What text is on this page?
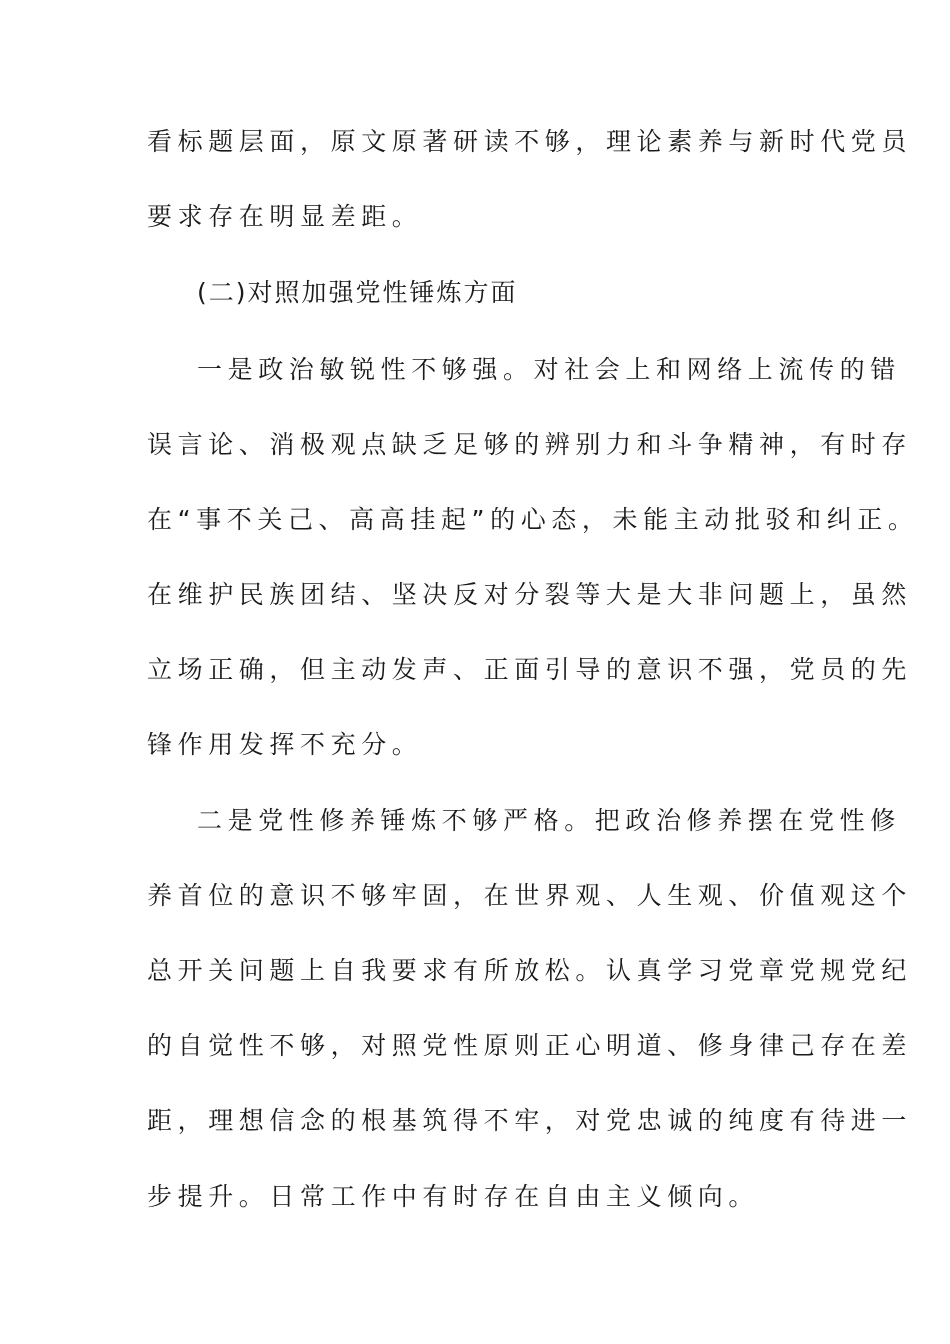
看标题层面，原文原著研读不够，理论素养与新时代党员
要求存在明显差距。
(二)对照加强党性锤炼方面
一是政治敏锐性不够强。对社会上和网络上流传的错
误言论、消极观点缺乏足够的辨别力和斗争精神，有时存
在“事不关己、高高挂起”的心态，未能主动批驳和纠正。
在维护民族团结、坚决反对分裂等大是大非问题上，虽然
立场正确，但主动发声、正面引导的意识不强，党员的先
锋作用发挥不充分。
二是党性修养锤炼不够严格。把政治修养摆在党性修
养首位的意识不够牢固，在世界观、人生观、价值观这个
总开关问题上自我要求有所放松。认真学习党章党规党纪
的自觉性不够，对照党性原则正心明道、修身律己存在差
距，理想信念的根基筑得不牢，对党忠诚的纯度有待进一
步提升。日常工作中有时存在自由主义倾向。
